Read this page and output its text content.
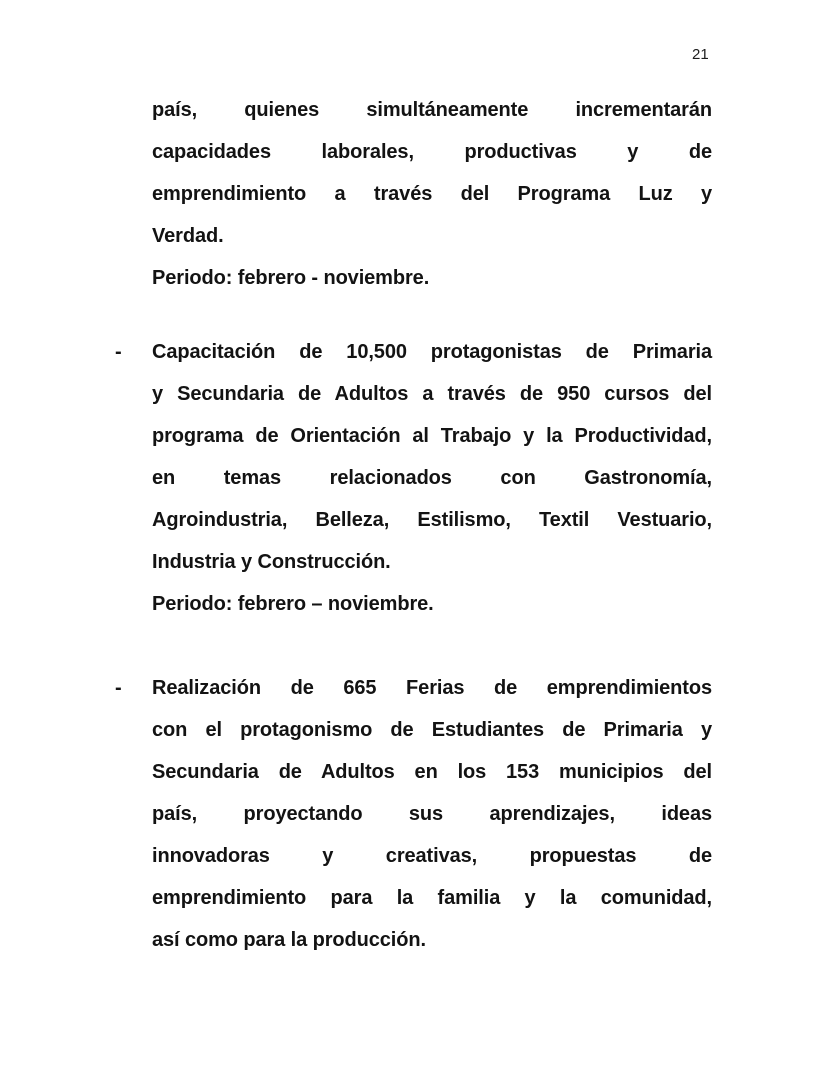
21
país, quienes simultáneamente incrementarán
capacidades laborales, productivas y de
emprendimiento a través del Programa Luz y
Verdad.
Periodo: febrero - noviembre.
- Capacitación de 10,500 protagonistas de Primaria
y Secundaria de Adultos a través de 950 cursos del
programa de Orientación al Trabajo y la Productividad,
en temas relacionados con Gastronomía,
Agroindustria, Belleza, Estilismo, Textil Vestuario,
Industria y Construcción.
Periodo: febrero – noviembre.
- Realización de 665 Ferias de emprendimientos
con el protagonismo de Estudiantes de Primaria y
Secundaria de Adultos en los 153 municipios del
país, proyectando sus aprendizajes, ideas
innovadoras y creativas, propuestas de
emprendimiento para la familia y la comunidad,
así como para la producción.
